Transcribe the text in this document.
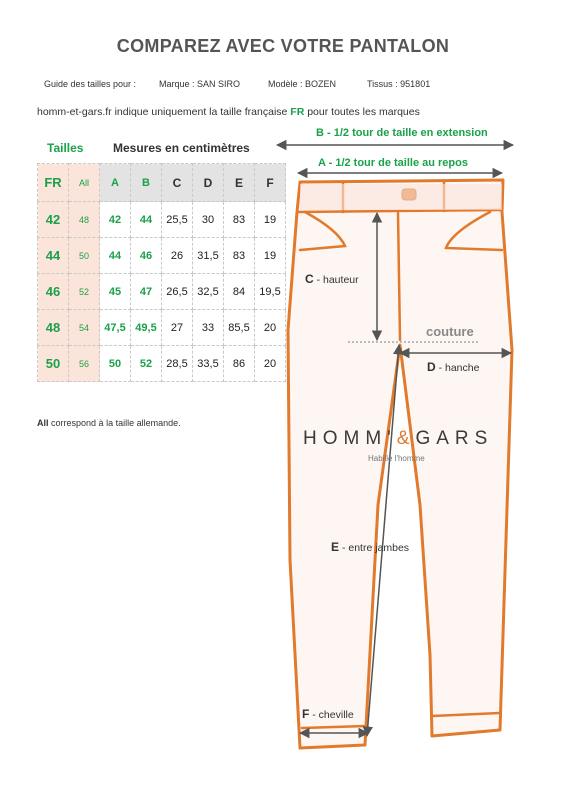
COMPAREZ AVEC VOTRE PANTALON
Guide des tailles pour :	Marque : SAN SIRO	Modèle : BOZEN	Tissus : 951801
homm-et-gars.fr indique uniquement la taille française FR pour toutes les marques
Tailles Mesures en centimètres
FR	All	A	B	C	D	E	F
42	48	42	44	25,5	30	83	19
44	50	44	46	26	31,5	83	19
46	52	45	47	26,5	32,5	84	19,5
48	54	47,5	49,5	27	33	85,5	20
50	56	50	52	28,5	33,5	86	20
All correspond à la taille allemande.
B - 1/2 tour de taille en extension
A - 1/2 tour de taille au repos
C - hauteur
couture
D - hanche
E - entre jambes
F - cheville
HOMM'&GARS
Habille l'homme
